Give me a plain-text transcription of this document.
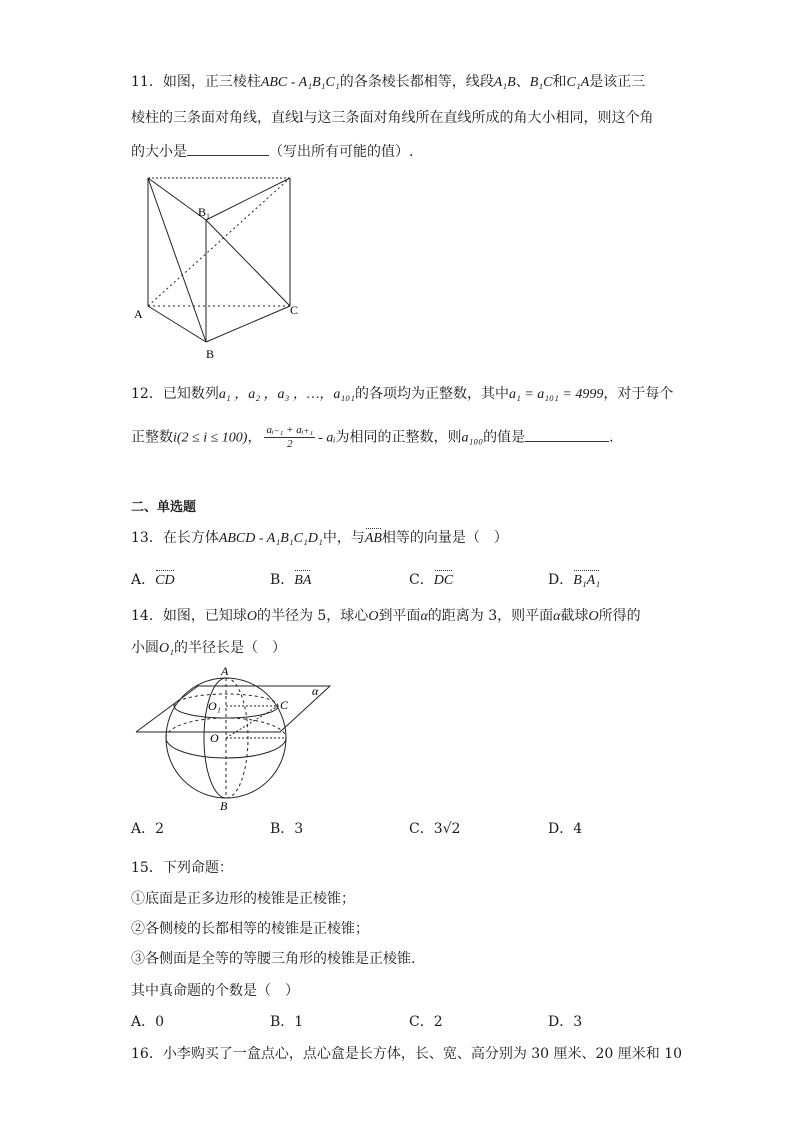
11．如图，正三棱柱ABC - A₁B₁C₁的各条棱长都相等，线段A₁B、B₁C和C₁A是该正三
棱柱的三条面对角线，直线l与这三条面对角线所在直线所成的角大小相同，则这个角
的大小是	（写出所有可能的值）.
B₁
A
B
C
12．已知数列a₁ ，a₂ ，a₃ ，…，a₁₀₁的各项均为正整数，其中a₁ = a₁₀₁ = 4999，对于每个
正整数i(2 ≤ i ≤ 100)， $\frac{\text{aᵢ₋₁ + aᵢ₊₁}}{2}$ - aᵢ为相同的正整数，则a₁₀₀的值是	.
二、单选题
13．在长方体ABCD - A₁B₁C₁D₁中，与AB相等的向量是（　）
A．CD	B．BA	C．DC	D．B₁A₁
14．如图，已知球O的半径为 5，球心O到平面α的距离为 3，则平面α截球O所得的
小圆O₁的半径长是（　）
A
O₁	C
α
O
B
A．2	B．3	C．3√2	D．4
15．下列命题：
①底面是正多边形的棱锥是正棱锥；
②各侧棱的长都相等的棱锥是正棱锥；
③各侧面是全等的等腰三角形的棱锥是正棱锥.
其中真命题的个数是（　）
A．0	B．1	C．2	D．3
16．小李购买了一盒点心，点心盒是长方体，长、宽、高分别为 30 厘米、20 厘米和 10
